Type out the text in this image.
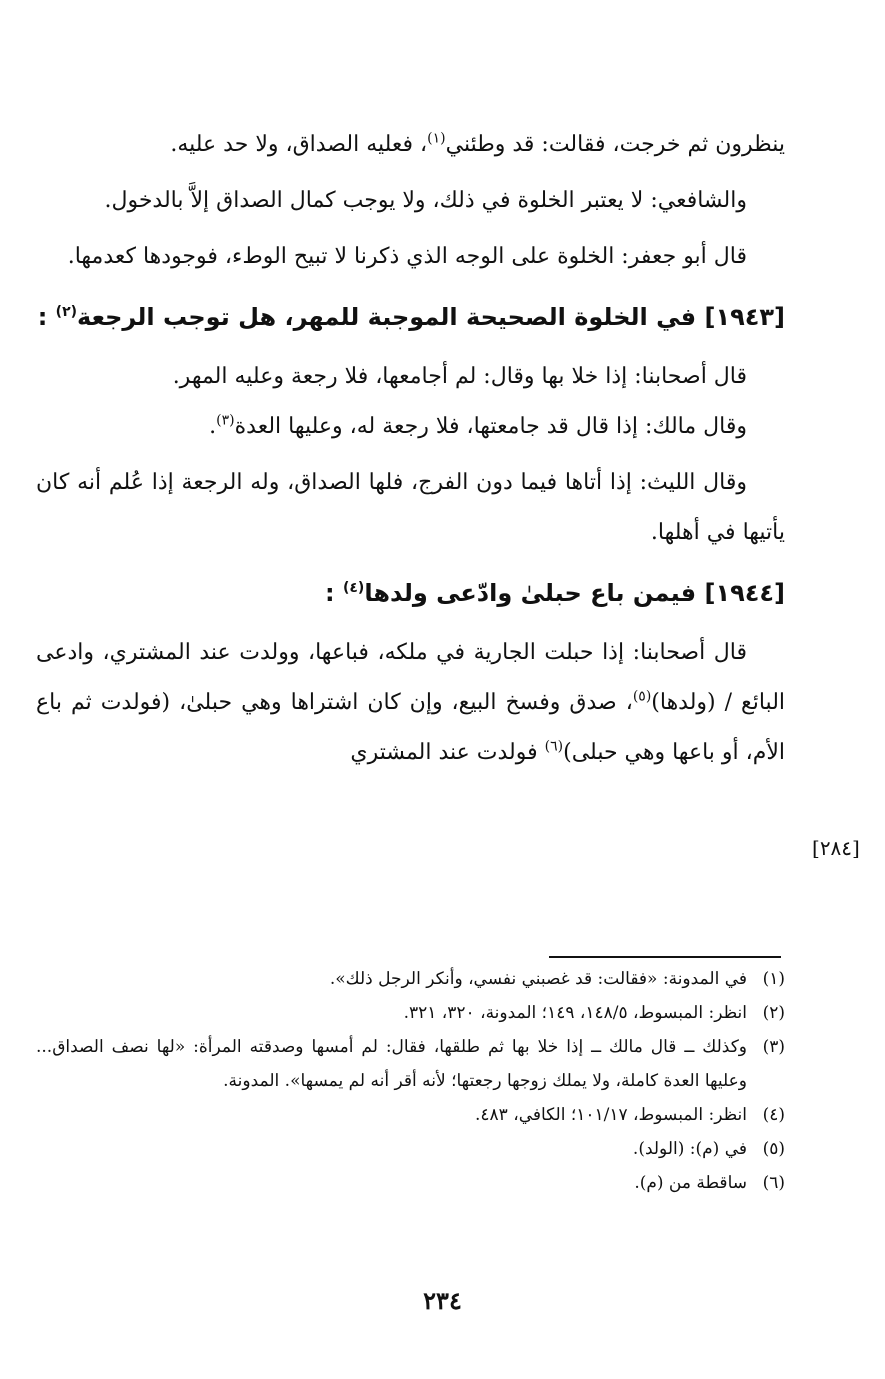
ينظرون ثم خرجت، فقالت: قد وطئني$^{(١)}$، فعليه الصداق، ولا حد عليه.

والشافعي: لا يعتبر الخلوة في ذلك، ولا يوجب كمال الصداق إلاَّ بالدخول.

قال أبو جعفر: الخلوة على الوجه الذي ذكرنا لا تبيح الوطء، فوجودها كعدمها.

[١٩٤٣] في الخلوة الصحيحة الموجبة للمهر، هل توجب الرجعة$^{(٢)}$ :

قال أصحابنا: إذا خلا بها وقال: لم أجامعها، فلا رجعة وعليه المهر.

وقال مالك: إذا قال قد جامعتها، فلا رجعة له، وعليها العدة$^{(٣)}$.

وقال الليث: إذا أتاها فيما دون الفرج، فلها الصداق، وله الرجعة إذا عُلم أنه كان يأتيها في أهلها.

[١٩٤٤] فيمن باع حبلىٰ وادّعى ولدها$^{(٤)}$ :

قال أصحابنا: إذا حبلت الجارية في ملكه، فباعها، وولدت عند المشتري، وادعى البائع / (ولدها)$^{(٥)}$، صدق وفسخ البيع، وإن كان اشتراها وهي حبلىٰ، (فولدت ثم باع الأم، أو باعها وهي حبلى)$^{(٦)}$ فولدت عند المشتري

[٢٨٤]
(١)
في المدونة: «فقالت: قد غصبني نفسي، وأنكر الرجل ذلك».
(٢)
انظر: المبسوط، ١٤٨/٥، ١٤٩؛ المدونة، ٣٢٠، ٣٢١.
(٣)
وكذلك ــ قال مالك ــ إذا خلا بها ثم طلقها، فقال: لم أمسها وصدقته المرأة: «لها نصف الصداق... وعليها العدة كاملة، ولا يملك زوجها رجعتها؛ لأنه أقر أنه لم يمسها». المدونة.
(٤)
انظر: المبسوط، ١٠١/١٧؛ الكافي، ٤٨٣.
(٥)
في (م): (الولد).
(٦)
ساقطة من (م).
٢٣٤
